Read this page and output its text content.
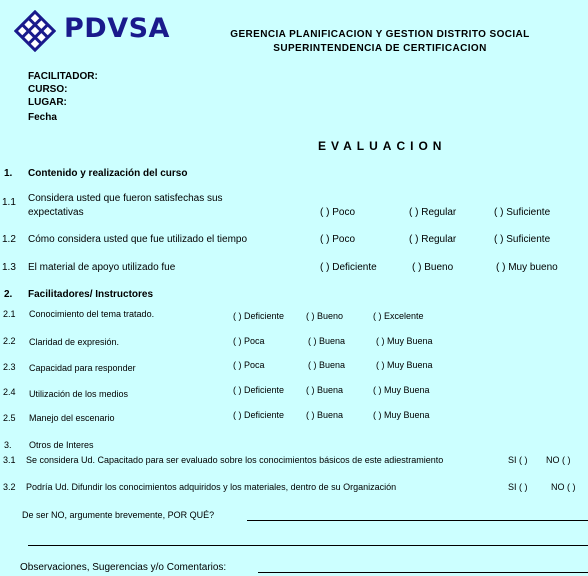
PDVSA	GERENCIA PLANIFICACION Y GESTION DISTRITO SOCIAL
SUPERINTENDENCIA DE CERTIFICACION
FACILITADOR:
CURSO:
LUGAR:
Fecha
EVALUACION
1. Contenido y realización del curso
1.1 Considera usted que fueron satisfechas sus
expectativas	( ) Poco	( ) Regular	( ) Suficiente
1.2 Cómo considera usted que fue utilizado el tiempo	( ) Poco	( ) Regular	( ) Suficiente
1.3 El material de apoyo utilizado fue	( ) Deficiente	( ) Bueno	( ) Muy bueno
2. Facilitadores/ Instructores
2.1 Conocimiento del tema tratado.	( ) Deficiente ( ) Bueno	( ) Excelente
2.2 Claridad de expresión.	( ) Poca	( ) Buena	( ) Muy Buena
2.3 Capacidad para responder	( ) Poca	( ) Buena	( ) Muy Buena
2.4 Utilización de los medios	( ) Deficiente ( ) Buena	( ) Muy Buena
2.5 Manejo del escenario	( ) Deficiente ( ) Buena	( ) Muy Buena
3. Otros de Interes
3.1 Se considera Ud. Capacitado para ser evaluado sobre los conocimientos básicos de este adiestramiento	SI ( ) NO ( )
3.2 Podría Ud. Difundir los conocimientos adquiridos y los materiales, dentro de su Organización	SI ( )	NO ( )
De ser NO, argumente brevemente, POR QUÉ?
Observaciones, Sugerencias y/o Comentarios:
